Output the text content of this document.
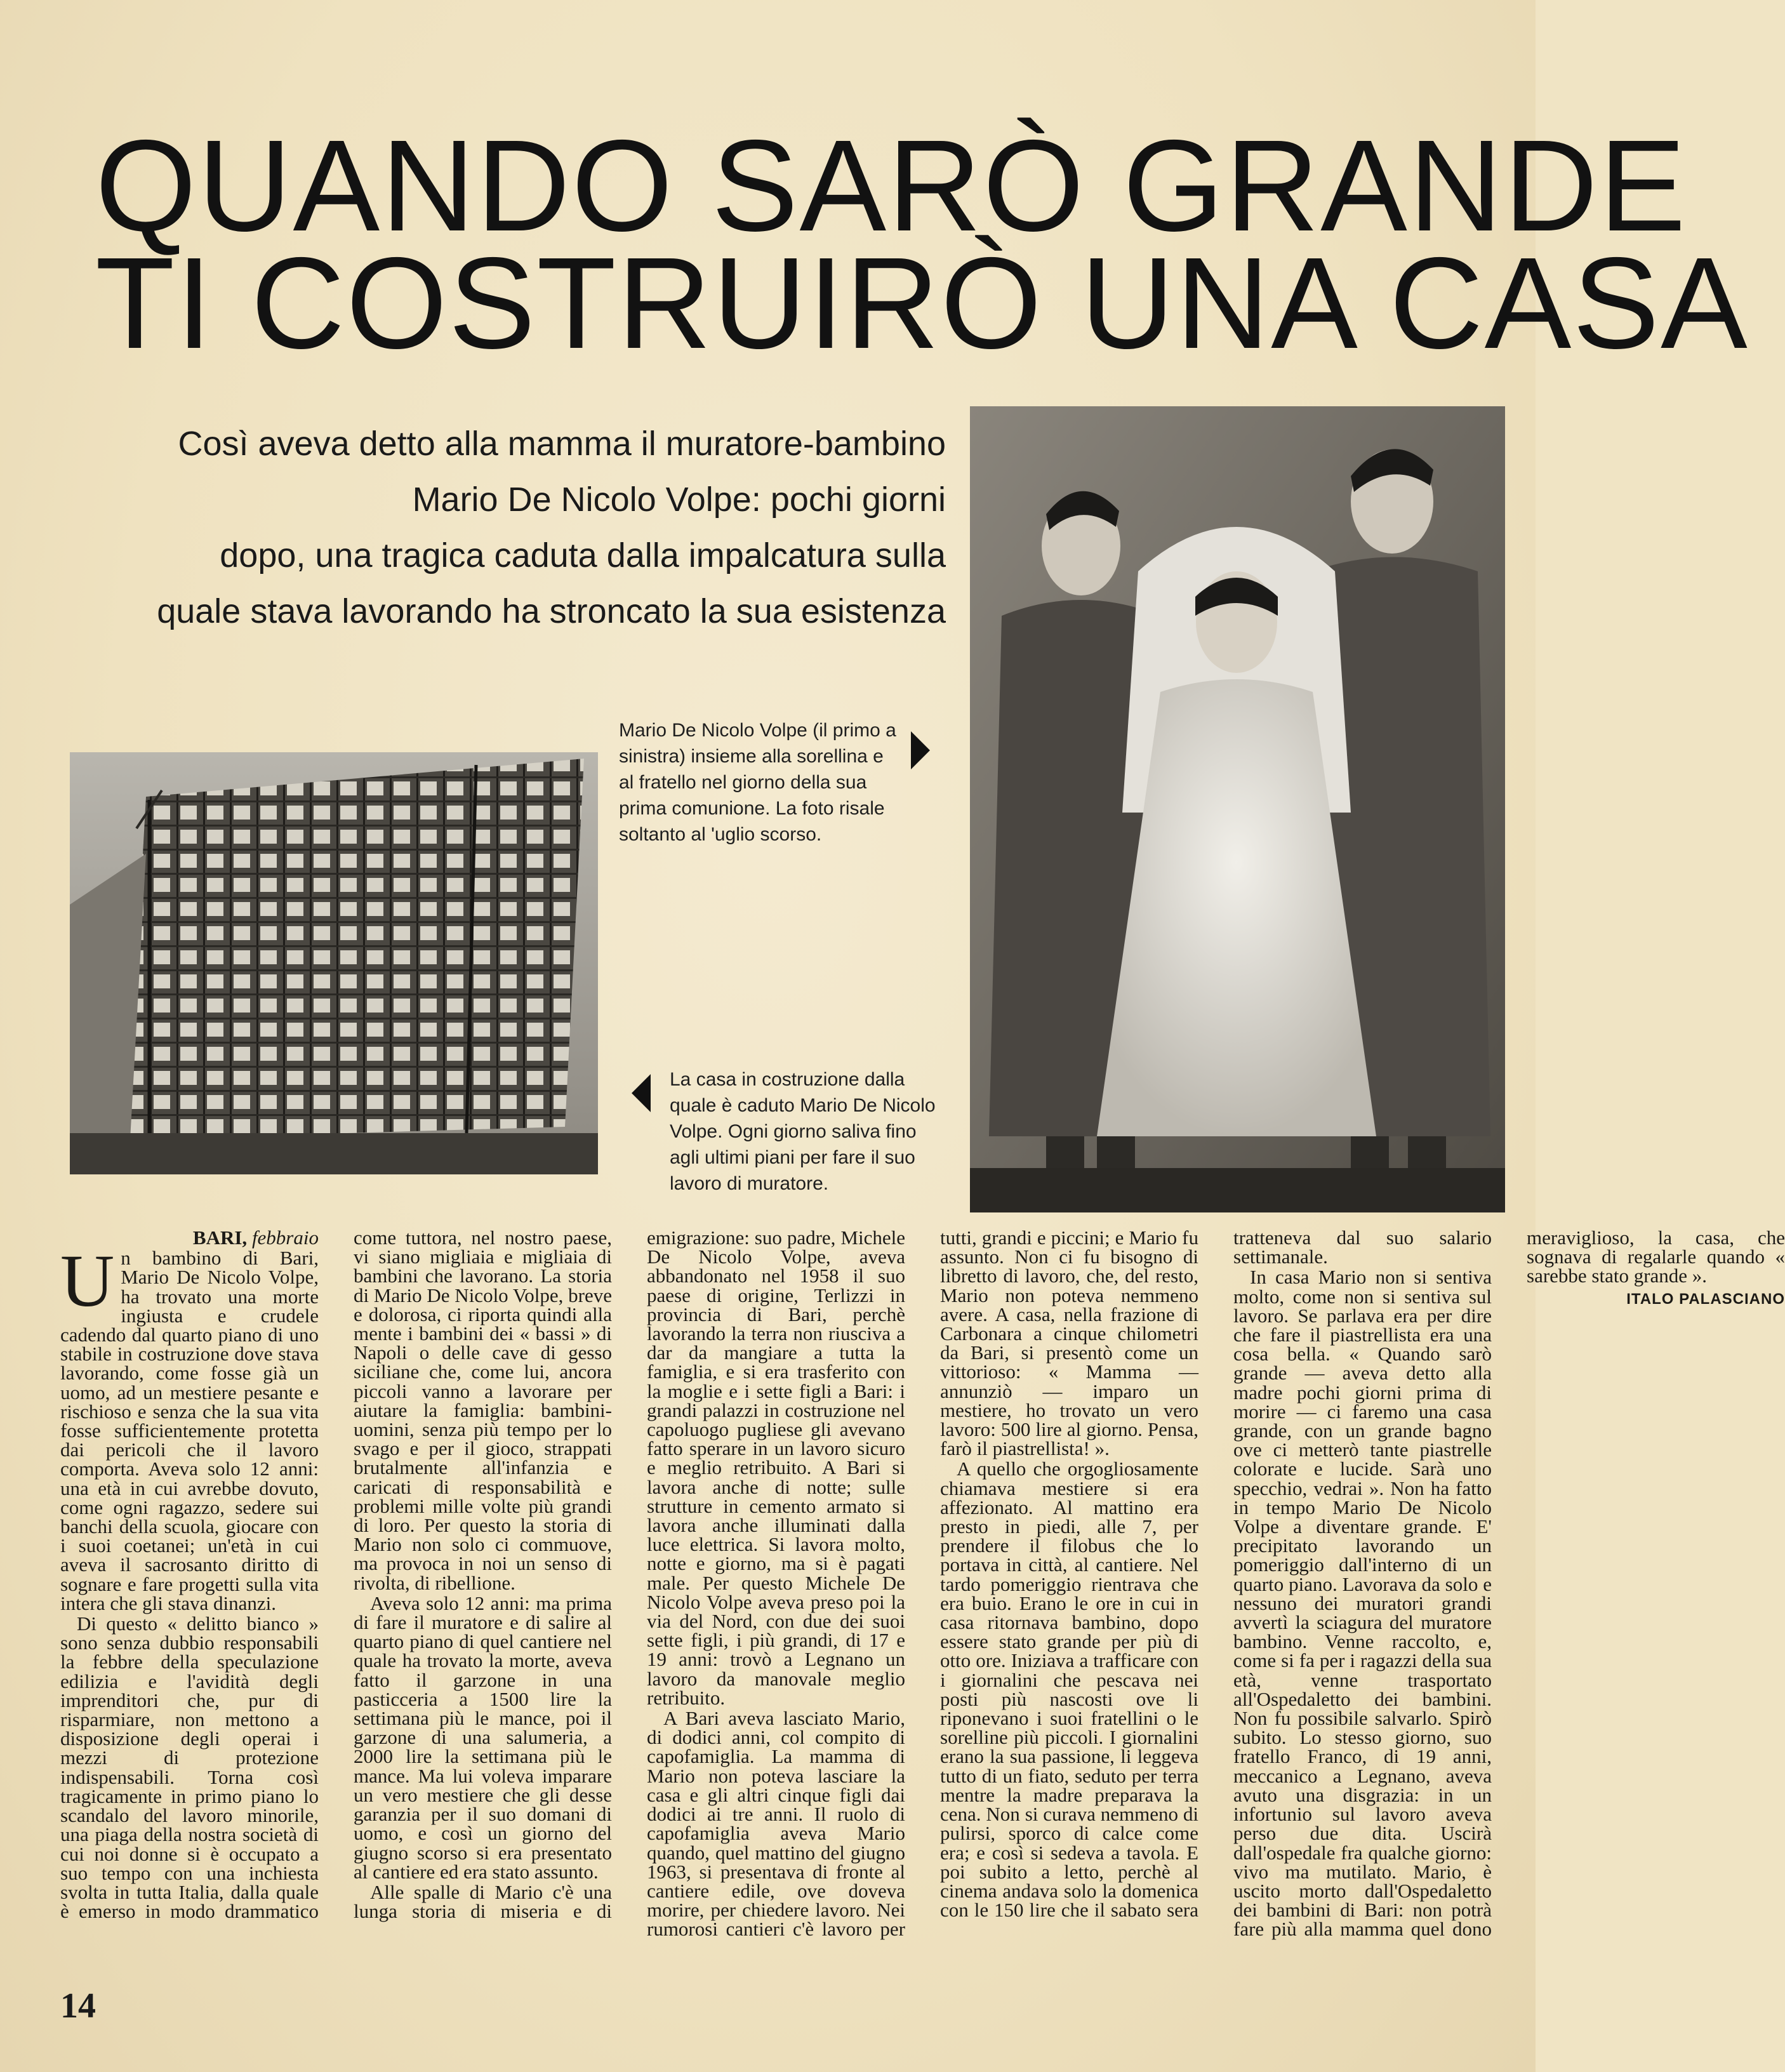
QUANDO SARÒ GRANDE
TI COSTRUIRÒ UNA CASA
Così aveva detto alla mamma il muratore-bambino
Mario De Nicolo Volpe: pochi giorni
dopo, una tragica caduta dalla impalcatura sulla
quale stava lavorando ha stroncato la sua esistenza
Mario De Nicolo Volpe (il primo a sinistra) insieme alla sorellina e al fratello nel giorno della sua prima comunione. La foto risale soltanto al 'uglio scorso.
La casa in costruzione dalla quale è caduto Mario De Nicolo Volpe. Ogni giorno saliva fino agli ultimi piani per fare il suo lavoro di muratore.
BARI, febbraio

Un bambino di Bari, Mario De Nicolo Volpe, ha trovato una morte ingiusta e crudele cadendo dal quarto piano di uno stabile in costruzione dove stava lavorando, come fosse già un uomo, ad un mestiere pesante e rischioso e senza che la sua vita fosse sufficientemente protetta dai pericoli che il lavoro comporta. Aveva solo 12 anni: una età in cui avrebbe dovuto, come ogni ragazzo, sedere sui banchi della scuola, giocare con i suoi coetanei; un'età in cui aveva il sacrosanto diritto di sognare e fare progetti sulla vita intera che gli stava dinanzi.

Di questo « delitto bianco » sono senza dubbio responsabili la febbre della speculazione edilizia e l'avidità degli imprenditori che, pur di risparmiare, non mettono a disposizione degli operai i mezzi di protezione indispensabili. Torna così tragicamente in primo piano lo scandalo del lavoro minorile, una piaga della nostra società di cui noi donne si è occupato a suo tempo con una inchiesta svolta in tutta Italia, dalla quale è emerso in modo drammatico come tuttora, nel nostro paese, vi siano migliaia e migliaia di bambini che lavorano. La storia di Mario De Nicolo Volpe, breve e dolorosa, ci riporta quindi alla mente i bambini dei « bassi » di Napoli o delle cave di gesso siciliane che, come lui, ancora piccoli vanno a lavorare per aiutare la famiglia: bambini-uomini, senza più tempo per lo svago e per il gioco, strappati brutalmente all'infanzia e caricati di responsabilità e problemi mille volte più grandi di loro. Per questo la storia di Mario non solo ci commuove, ma provoca in noi un senso di rivolta, di ribellione.

Aveva solo 12 anni: ma prima di fare il muratore e di salire al quarto piano di quel cantiere nel quale ha trovato la morte, aveva fatto il garzone in una pasticceria a 1500 lire la settimana più le mance, poi il garzone di una salumeria, a 2000 lire la settimana più le mance. Ma lui voleva imparare un vero mestiere che gli desse garanzia per il suo domani di uomo, e così un giorno del giugno scorso si era presentato al cantiere ed era stato assunto.

Alle spalle di Mario c'è una lunga storia di miseria e di emigrazione: suo padre, Michele De Nicolo Volpe, aveva abbandonato nel 1958 il suo paese di origine, Terlizzi in provincia di Bari, perchè lavorando la terra non riusciva a dar da mangiare a tutta la famiglia, e si era trasferito con la moglie e i sette figli a Bari: i grandi palazzi in costruzione nel capoluogo pugliese gli avevano fatto sperare in un lavoro sicuro e meglio retribuito. A Bari si lavora anche di notte; sulle strutture in cemento armato si lavora anche illuminati dalla luce elettrica. Si lavora molto, notte e giorno, ma si è pagati male. Per questo Michele De Nicolo Volpe aveva preso poi la via del Nord, con due dei suoi sette figli, i più grandi, di 17 e 19 anni: trovò a Legnano un lavoro da manovale meglio retribuito.

A Bari aveva lasciato Mario, di dodici anni, col compito di capofamiglia. La mamma di Mario non poteva lasciare la casa e gli altri cinque figli dai dodici ai tre anni. Il ruolo di capofamiglia aveva Mario quando, quel mattino del giugno 1963, si presentava di fronte al cantiere edile, ove doveva morire, per chiedere lavoro. Nei rumorosi cantieri c'è lavoro per tutti, grandi e piccini; e Mario fu assunto. Non ci fu bisogno di libretto di lavoro, che, del resto, Mario non poteva nemmeno avere. A casa, nella frazione di Carbonara a cinque chilometri da Bari, si presentò come un vittorioso: « Mamma — annunziò — imparo un mestiere, ho trovato un vero lavoro: 500 lire al giorno. Pensa, farò il piastrellista! ».

A quello che orgogliosamente chiamava mestiere si era affezionato. Al mattino era presto in piedi, alle 7, per prendere il filobus che lo portava in città, al cantiere. Nel tardo pomeriggio rientrava che era buio. Erano le ore in cui in casa ritornava bambino, dopo essere stato grande per più di otto ore. Iniziava a trafficare con i giornalini che pescava nei posti più nascosti ove li riponevano i suoi fratellini o le sorelline più piccoli. I giornalini erano la sua passione, li leggeva tutto di un fiato, seduto per terra mentre la madre preparava la cena. Non si curava nemmeno di pulirsi, sporco di calce come era; e così si sedeva a tavola. E poi subito a letto, perchè al cinema andava solo la domenica con le 150 lire che il sabato sera tratteneva dal suo salario settimanale.

In casa Mario non si sentiva molto, come non si sentiva sul lavoro. Se parlava era per dire che fare il piastrellista era una cosa bella. « Quando sarò grande — aveva detto alla madre pochi giorni prima di morire — ci faremo una casa grande, con un grande bagno ove ci metterò tante piastrelle colorate e lucide. Sarà uno specchio, vedrai ». Non ha fatto in tempo Mario De Nicolo Volpe a diventare grande. E' precipitato lavorando un pomeriggio dall'interno di un quarto piano. Lavorava da solo e nessuno dei muratori grandi avvertì la sciagura del muratore bambino. Venne raccolto, e, come si fa per i ragazzi della sua età, venne trasportato all'Ospedaletto dei bambini. Non fu possibile salvarlo. Spirò subito. Lo stesso giorno, suo fratello Franco, di 19 anni, meccanico a Legnano, aveva avuto una disgrazia: in un infortunio sul lavoro aveva perso due dita. Uscirà dall'ospedale fra qualche giorno: vivo ma mutilato. Mario, è uscito morto dall'Ospedaletto dei bambini di Bari: non potrà fare più alla mamma quel dono meraviglioso, la casa, che sognava di regalarle quando « sarebbe stato grande ».

ITALO PALASCIANO
14
